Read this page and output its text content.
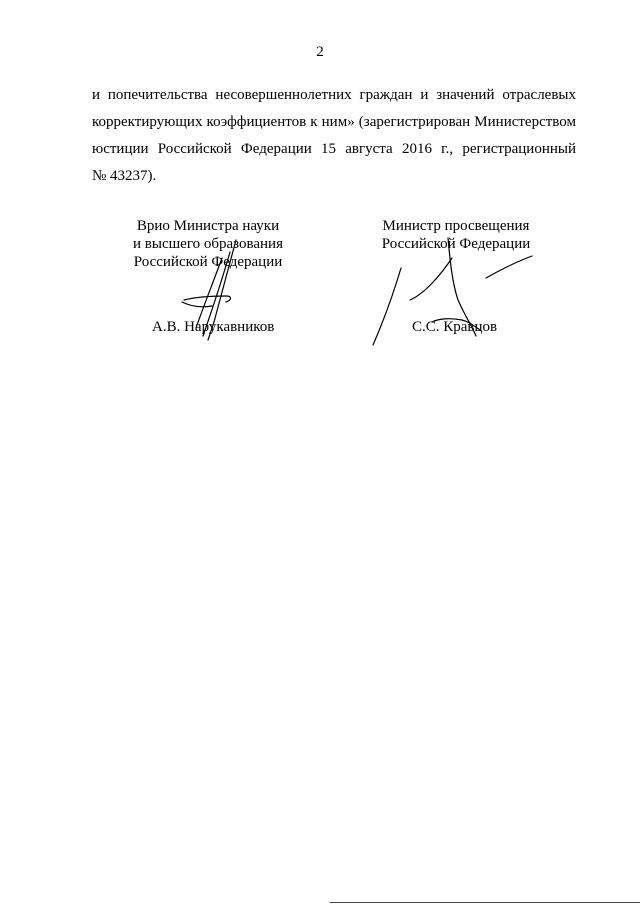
2
и попечительства несовершеннолетних граждан и значений отраслевых
корректирующих коэффициентов к ним» (зарегистрирован Министерством
юстиции Российской Федерации 15 августа 2016 г., регистрационный
№ 43237).
Врио Министра науки
и высшего образования
Российской Федерации
Министр просвещения
Российской Федерации
А.В. Нарукавников	С.С. Кравцов
